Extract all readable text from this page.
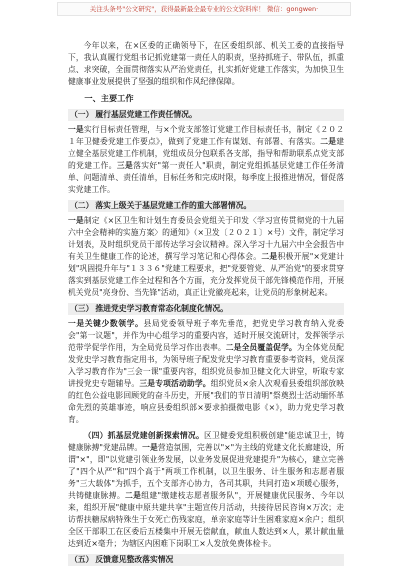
关注头条号"公文研究"，获得最新最全最专业的公文资料库！ 微信：gongwen·

今年以来，在×区委的正确领导下，在区委组织部、机关工委的直接指导下，我认真履行党组书记抓党建第一责任人的职责，坚持抓班子、带队伍，抓重点、求突破，全面贯彻落实从严治党责任，扎实抓好党建工作落实，为加快卫生健康事业发展提供了坚强的组织和作风纪律保障。

一、主要工作
（一） 履行基层党建工作责任情况。

一是实行目标责任管理，与×个党支部签订党建工作目标责任书，制定《２０２１年卫健委党建工作要点》，做到了党建工作有谋划、有部署、有落实。二是建立健全基层党建工作机制，党组成员分包联系各支部，指导和帮助联系点党支部的党建工作。三是落实好"第一责任人"职责，制定党组抓基层党建工作任务清单、问题清单、责任清单，目标任务和完成时限，每季度上报推进情况，督促落实党建工作。

（二） 落实上级关于基层党建工作的重大部署情况。

一是制定《×区卫生和计划生育委员会党组关于印发〈学习宣传贯彻党的十九届六中全会精神的实施方案〉的通知》（×卫发〔２０２１〕×号）文件，制定学习计划表，及时组织党员干部传达学习会议精神。深入学习十九届六中全会报告中有关卫生健康工作的论述，撰写学习笔记和心得体会。二是积极开展"×党建计划"巩固提升年与"１３３６"党建工程要求，把"党要管党、从严治党"的要求贯穿落实到基层党建工作全过程和各个方面，充分发挥党员干部先锋模范作用，开展机关党员"亮身份、当先锋"活动，真正让党徽亮起来，让党员的形象树起来。

（三） 推进党史学习教育常态化制度化情况。

一是关键少数领学。县局党委领导班子率先垂范，把党史学习教育纳入党委会"第一议题"，并作为中心组学习的重要内容，适时开展交流研讨，发挥领学示范带学促学作用，为全局党员学习作出表率。二是全员覆盖促学。为全体党员配发党史学习教育指定用书，为领导班子配发党史学习教育重要参考资料，党员深入学习教育作为"三会一课"重要内容，组织党员参加卫健文化大讲堂，听取专家讲授党史专题辅导。三是专项活动助学。组织党员×余人次观看县委组织部放映的红色公益电影回顾党的奋斗历史，开展"我们的节日清明"祭奠烈士活动缅怀革命先烈的英雄事迹，响应县委组织部×要求拍摄微电影《×》，助力党史学习教育。

（四）抓基层党建创新探索情况。区卫健委党组积极创建"能忠诚卫士，铸健康脉搏"党建品牌。一是营造氛围，完善以"×"为主线的党建文化长廊建设，所谓"×"，即"以党建引领业务发展，以业务发展促进党建提升"为核心，建立完善了"四个从严"和"四个高于"两项工作机制，以卫生服务、计生服务和志愿者服务"三大载体"为抓手，五个支部齐心协力，各司其职，共同打造×项暖心服务，共铸健康脉搏。二是组建"缴建枝志愿者服务队"，开展健康优民服务、今年以来，组织开展"健康中原共建共享"主题宣传月活动，共接待居民咨询×万次；走访帮扶糖尿病特殊生于女死亡伤残家庭，单亲家庭等计生困难家庭×余户；组织全区干部职工在区委后五楼集中开展无偿献血，献血人数达到×人，累计献血量达到近×毫升；为辖区内困难下岗职工×人发放免费体检卡。

（五） 反馈意见整改落实情况
